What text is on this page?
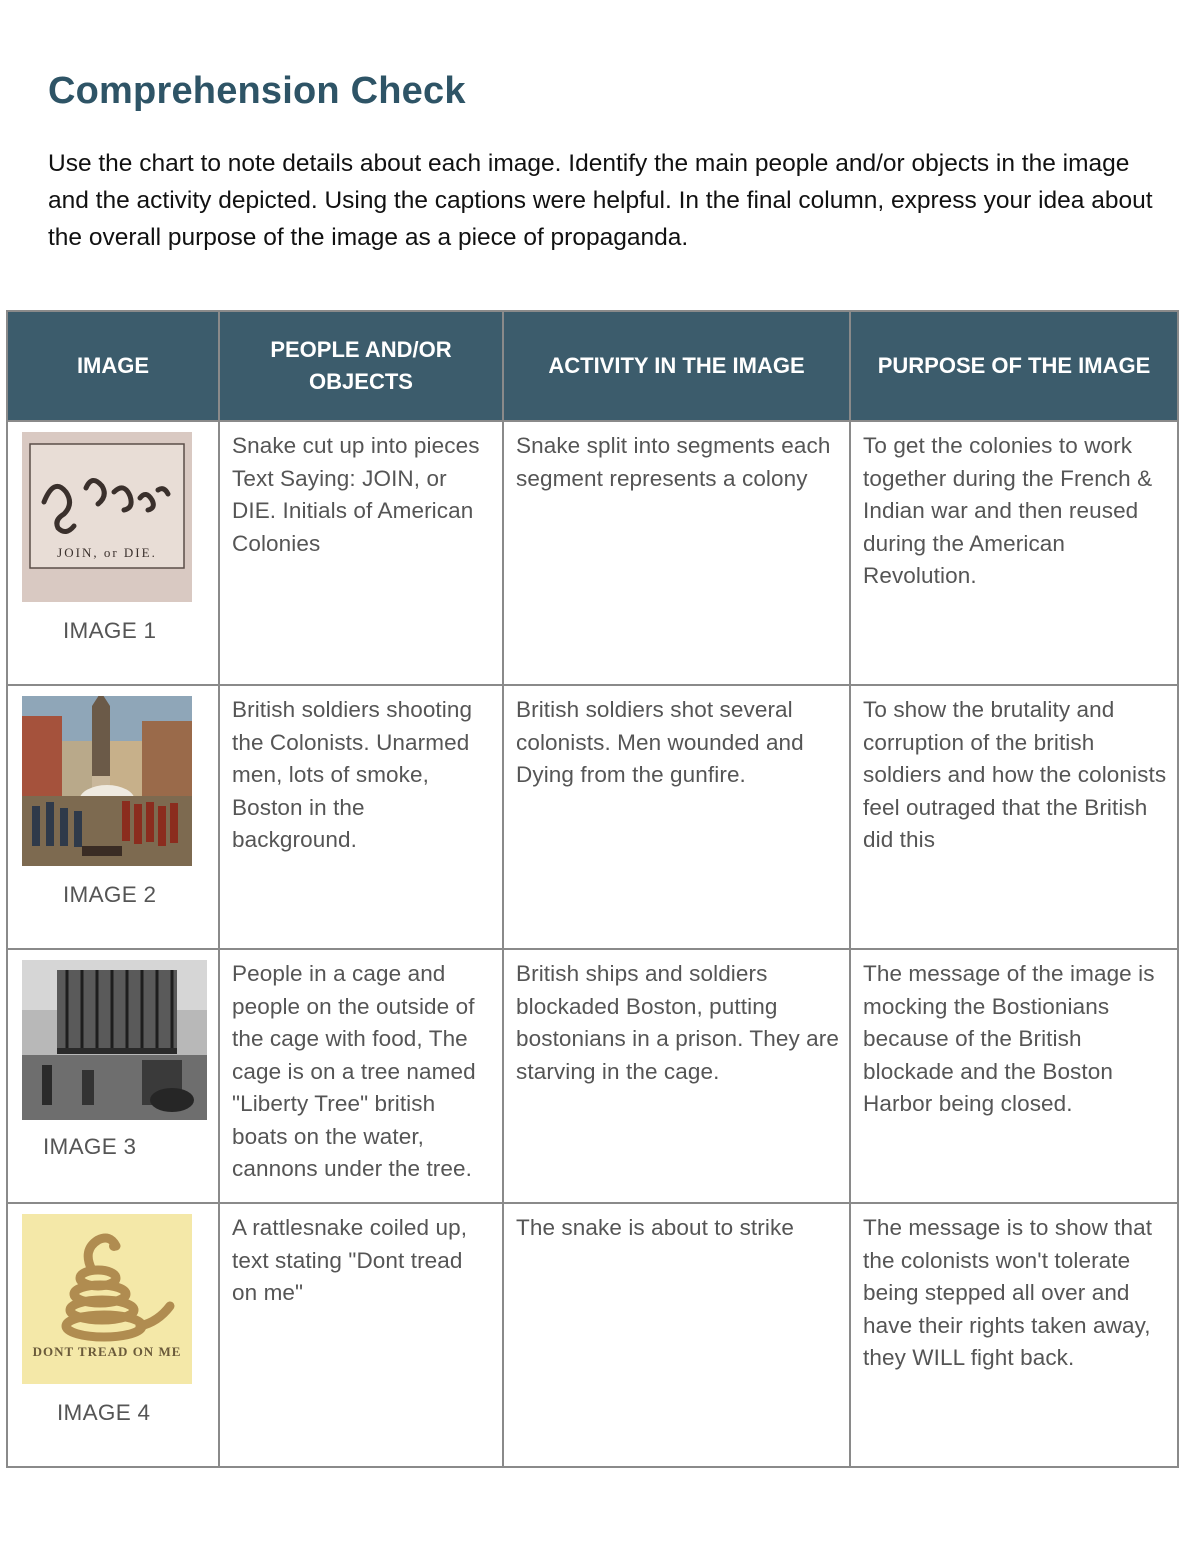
Comprehension Check
Use the chart to note details about each image. Identify the main people and/or objects in the image and the activity depicted. Using the captions were helpful. In the final column, express your idea about the overall purpose of the image as a piece of propaganda.
IMAGE	PEOPLE AND/OR OBJECTS	ACTIVITY IN THE IMAGE	PURPOSE OF THE IMAGE

JOIN, or DIE.
IMAGE 1	Snake cut up into pieces Text Saying: JOIN, or DIE. Initials of American Colonies	Snake split into segments each segment represents a colony	To get the colonies to work together during the French & Indian war and then reused during the American Revolution.

IMAGE 2	British soldiers shooting the Colonists. Unarmed men, lots of smoke, Boston in the background.	British soldiers shot several colonists. Men wounded and Dying from the gunfire.	To show the brutality and corruption of the british soldiers and how the colonists feel outraged that the British did this

IMAGE 3	People in a cage and people on the outside of the cage with food, The cage is on a tree named "Liberty Tree" british boats on the water, cannons under the tree.	British ships and soldiers blockaded Boston, putting bostonians in a prison. They are starving in the cage.	The message of the image is mocking the Bostionians because of the British blockade and the Boston Harbor being closed.

DONT TREAD ON ME
IMAGE 4	A rattlesnake coiled up, text stating "Dont tread on me"	The snake is about to strike	The message is to show that the colonists won't tolerate being stepped all over and have their rights taken away, they WILL fight back.
